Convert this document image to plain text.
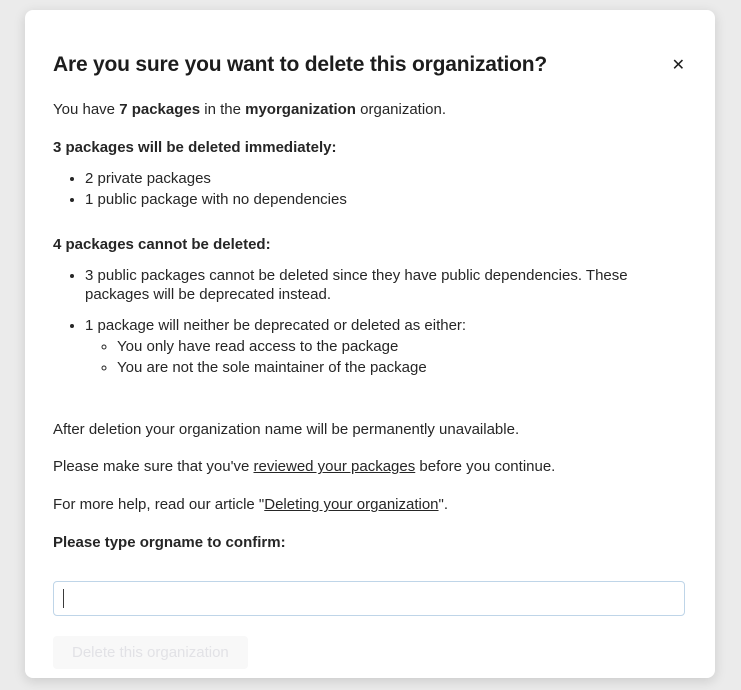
✕
Are you sure you want to delete this organization?

You have 7 packages in the myorganization organization.

3 packages will be deleted immediately:

• 2 private packages
• 1 public package with no dependencies

4 packages cannot be deleted:

• 3 public packages cannot be deleted since they have public dependencies. These packages will be deprecated instead.
• 1 package will neither be deprecated or deleted as either:
◦ You only have read access to the package
◦ You are not the sole maintainer of the package

After deletion your organization name will be permanently unavailable.

Please make sure that you've reviewed your packages before you continue.

For more help, read our article "Deleting your organization".

Please type orgname to confirm:

Delete this organization
